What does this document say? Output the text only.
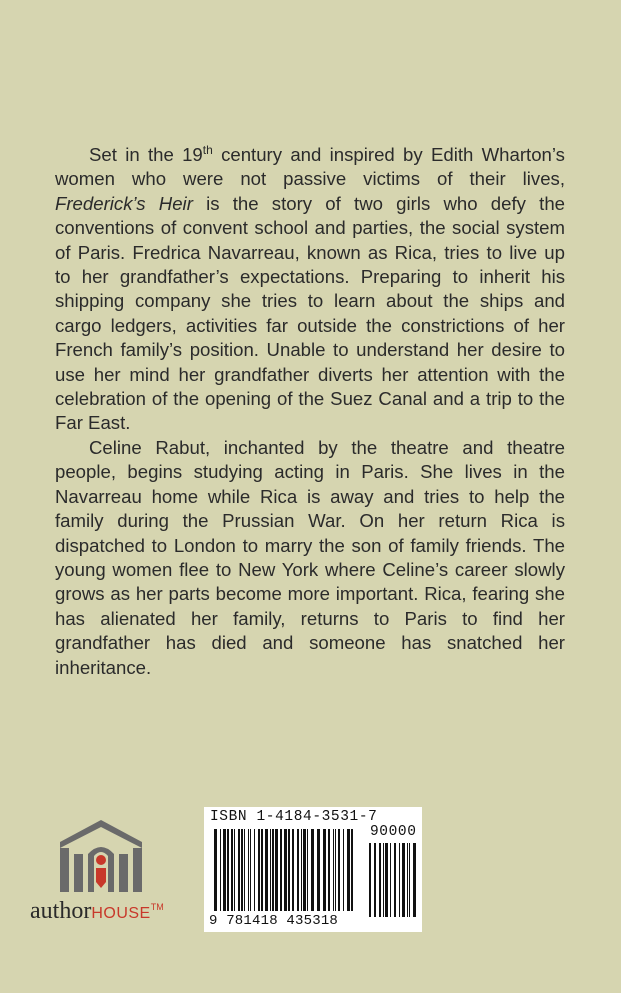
Set in the 19th century and inspired by Edith Wharton’s women who were not passive victims of their lives, Frederick’s Heir is the story of two girls who defy the conventions of convent school and parties, the social system of Paris. Fredrica Navarreau, known as Rica, tries to live up to her grandfather’s expectations. Preparing to inherit his shipping company she tries to learn about the ships and cargo ledgers, activities far outside the constrictions of her French family’s position. Unable to understand her desire to use her mind her grandfather diverts her attention with the celebration of the opening of the Suez Canal and a trip to the Far East.

Celine Rabut, inchanted by the theatre and theatre people, begins studying acting in Paris. She lives in the Navarreau home while Rica is away and tries to help the family during the Prussian War. On her return Rica is dispatched to London to marry the son of family friends. The young women flee to New York where Celine’s career slowly grows as her parts become more important. Rica, fearing she has alienated her family, returns to Paris to find her grandfather has died and someone has snatched her inheritance.

authorHOUSE™
ISBN 1-4184-3531-7
90000
9 781418 435318
